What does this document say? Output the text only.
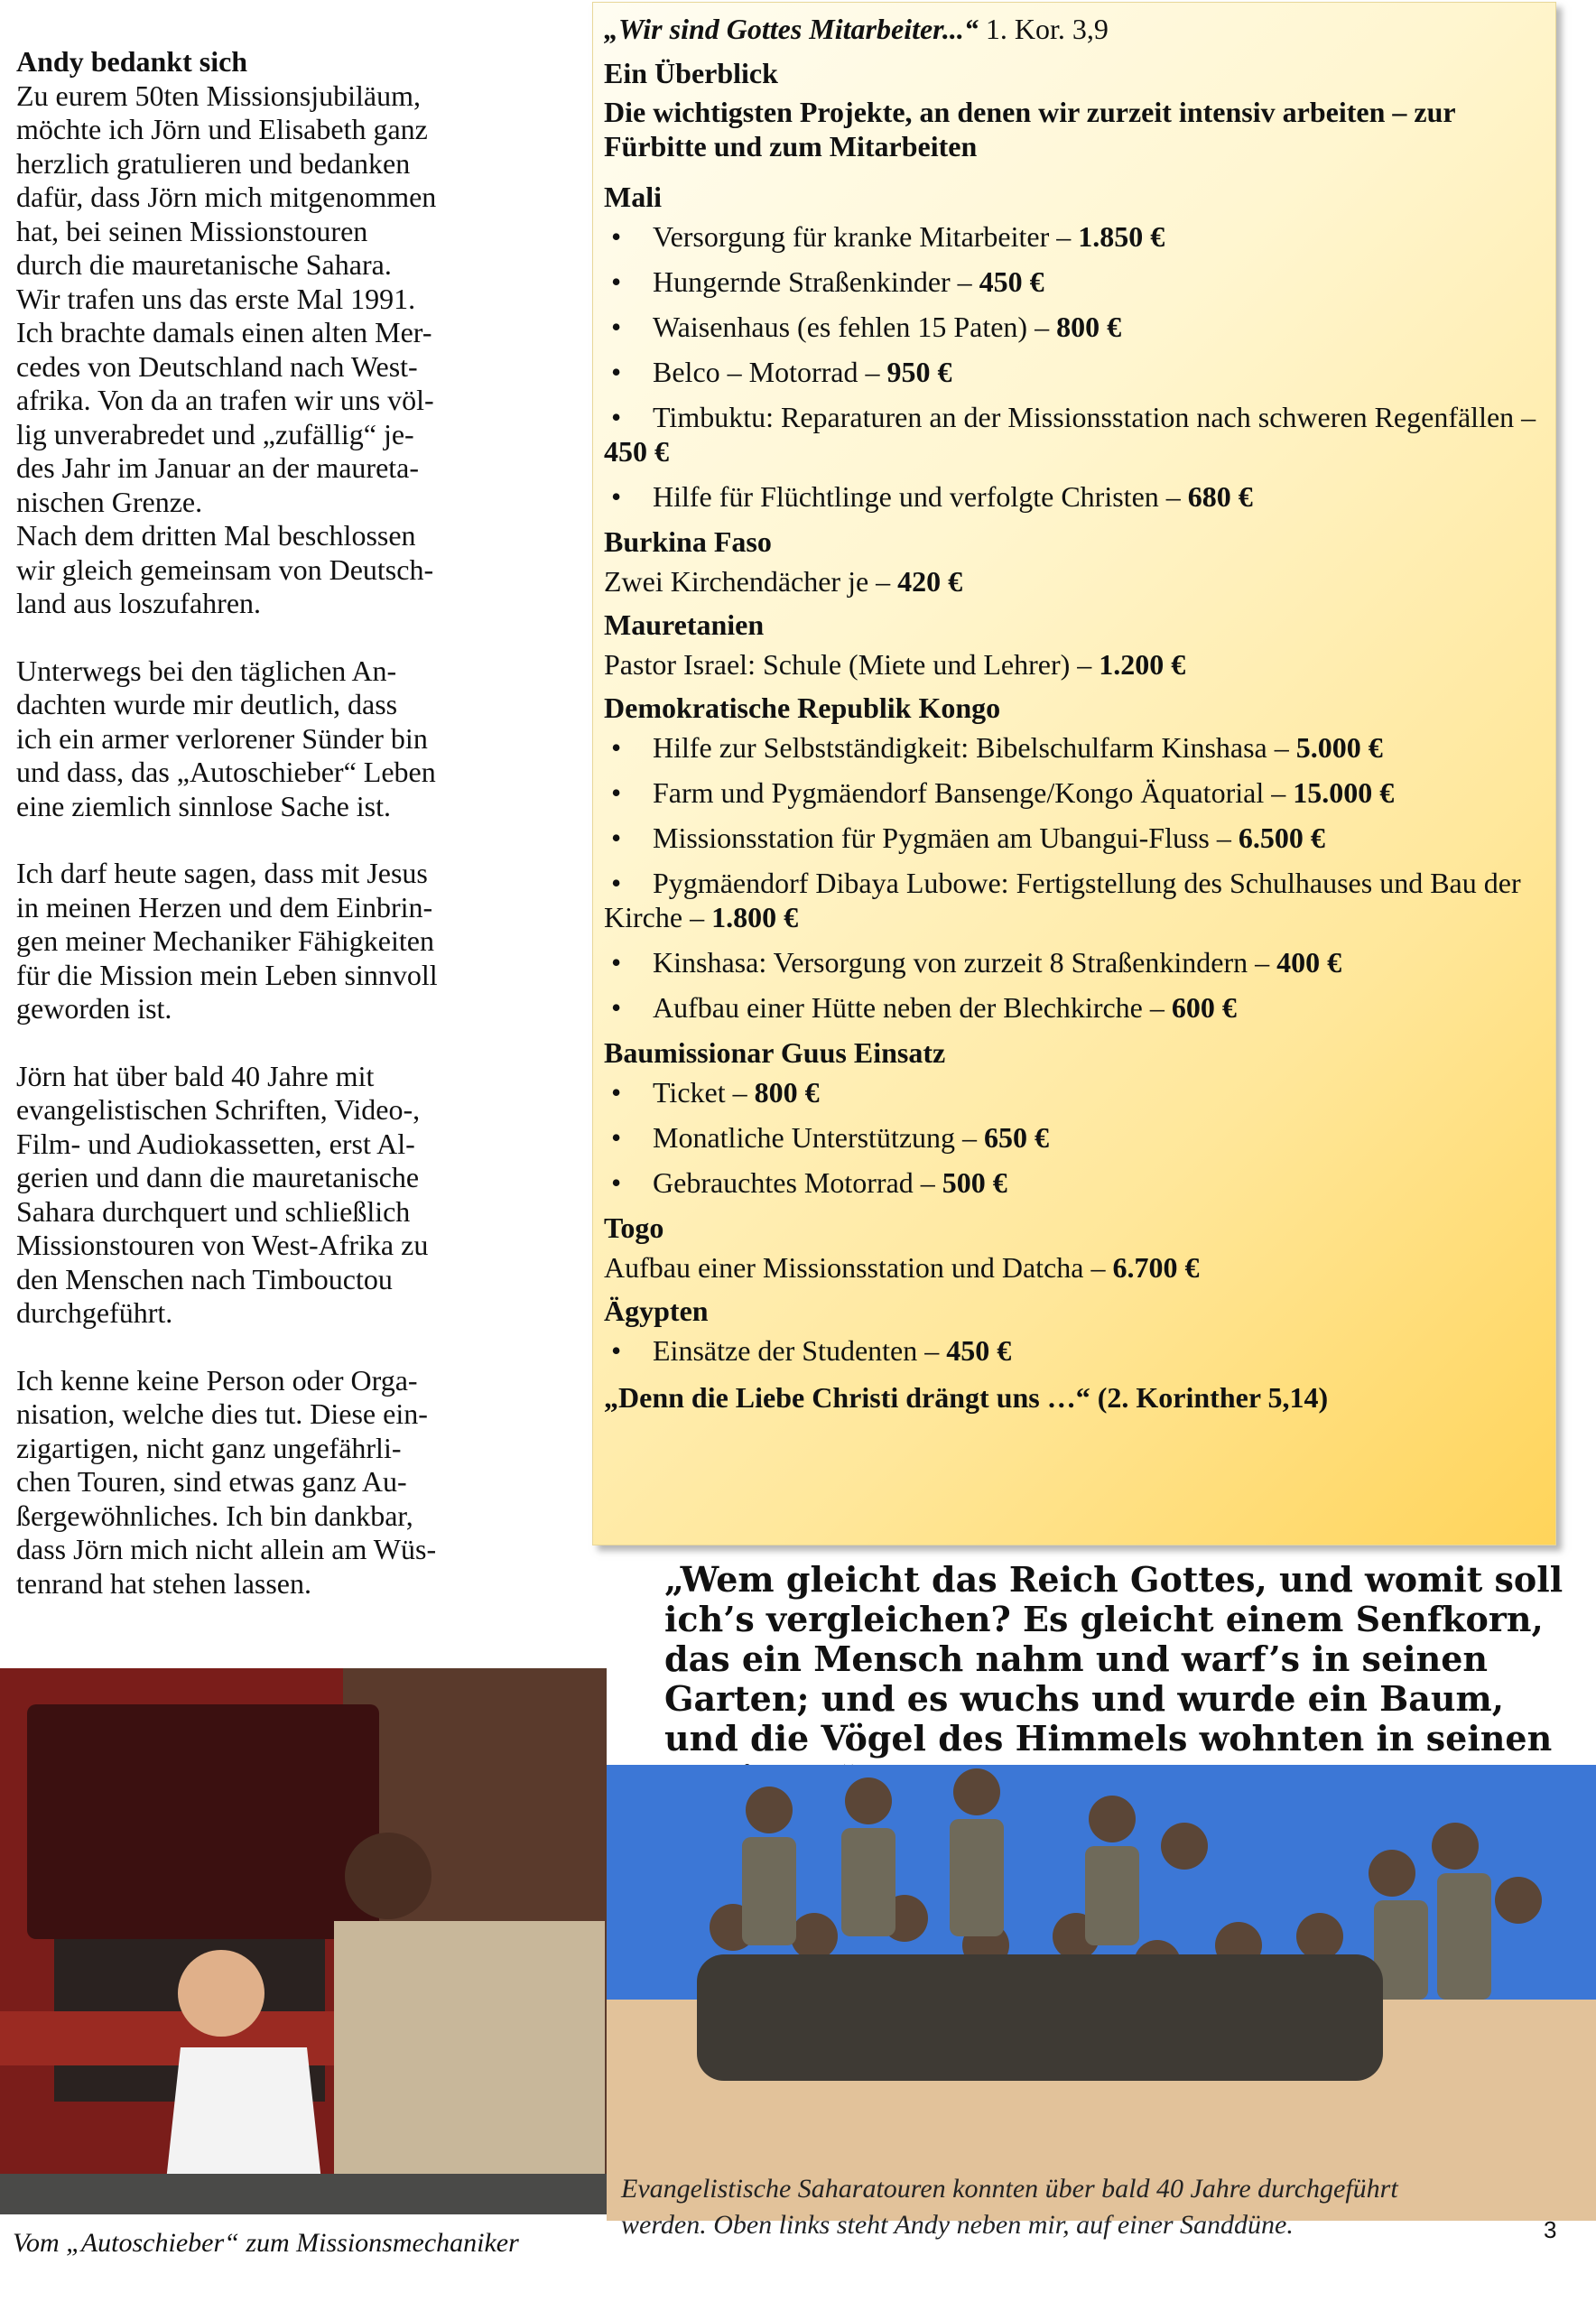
Andy bedankt sich

Zu eurem 50ten Missionsjubiläum,
möchte ich Jörn und Elisabeth ganz
herzlich gratulieren und bedanken
dafür, dass Jörn mich mitgenommen
hat, bei seinen Missionstouren
durch die mauretanische Sahara.
Wir trafen uns das erste Mal 1991.
Ich brachte damals einen alten Mer-
cedes von Deutschland nach West-
afrika. Von da an trafen wir uns völ-
lig unverabredet und „zufällig“ je-
des Jahr im Januar an der maureta-
nischen Grenze.
Nach dem dritten Mal beschlossen
wir gleich gemeinsam von Deutsch-
land aus loszufahren.

Unterwegs bei den täglichen An-
dachten wurde mir deutlich, dass
ich ein armer verlorener Sünder bin
und dass, das „Autoschieber“ Leben
eine ziemlich sinnlose Sache ist.

Ich darf heute sagen, dass mit Jesus
in meinen Herzen und dem Einbrin-
gen meiner Mechaniker Fähigkeiten
für die Mission mein Leben sinnvoll
geworden ist.

Jörn hat über bald 40 Jahre mit
evangelistischen Schriften, Video-,
Film- und Audiokassetten, erst Al-
gerien und dann die mauretanische
Sahara durchquert und schließlich
Missionstouren von West-Afrika zu
den Menschen nach Timbouctou
durchgeführt.

Ich kenne keine Person oder Orga-
nisation, welche dies tut. Diese ein-
zigartigen, nicht ganz ungefährli-
chen Touren, sind etwas ganz Au-
ßergewöhnliches. Ich bin dankbar,
dass Jörn mich nicht allein am Wüs-
tenrand hat stehen lassen.

„Wir sind Gottes Mitarbeiter...“ 1. Kor. 3,9
Ein Überblick
Die wichtigsten Projekte, an denen wir zurzeit intensiv arbeiten – zur Fürbitte und zum Mitarbeiten
Mali
• Versorgung für kranke Mitarbeiter – 1.850 €
• Hungernde Straßenkinder – 450 €
• Waisenhaus (es fehlen 15 Paten) – 800 €
• Belco – Motorrad – 950 €
• Timbuktu: Reparaturen an der Missionsstation nach schweren Regenfällen – 450 €
• Hilfe für Flüchtlinge und verfolgte Christen – 680 €
Burkina Faso
Zwei Kirchendächer je – 420 €
Mauretanien
Pastor Israel: Schule (Miete und Lehrer) – 1.200 €
Demokratische Republik Kongo
• Hilfe zur Selbstständigkeit: Bibelschulfarm Kinshasa – 5.000 €
• Farm und Pygmäendorf Bansenge/Kongo Äquatorial – 15.000 €
• Missionsstation für Pygmäen am Ubangui-Fluss – 6.500 €
• Pygmäendorf Dibaya Lubowe: Fertigstellung des Schulhauses und Bau der Kirche – 1.800 €
• Kinshasa: Versorgung von zurzeit 8 Straßenkindern – 400 €
• Aufbau einer Hütte neben der Blechkirche – 600 €
Baumissionar Guus Einsatz
• Ticket – 800 €
• Monatliche Unterstützung – 650 €
• Gebrauchtes Motorrad – 500 €
Togo
Aufbau einer Missionsstation und Datcha – 6.700 €
Ägypten
• Einsätze der Studenten – 450 €
„Denn die Liebe Christi drängt uns …“ (2. Korinther 5,14)
„Wem gleicht das Reich Gottes, und womit soll ich’s vergleichen? Es gleicht einem Senfkorn, das ein Mensch nahm und warf’s in seinen Garten; und es wuchs und wurde ein Baum, und die Vögel des Himmels wohnten in seinen
Vom „Autoschieber“ zum Missionsmechaniker
Evangelistische Saharatouren konnten über bald 40 Jahre durchgeführt
werden. Oben links steht Andy neben mir, auf einer Sanddüne.	3
